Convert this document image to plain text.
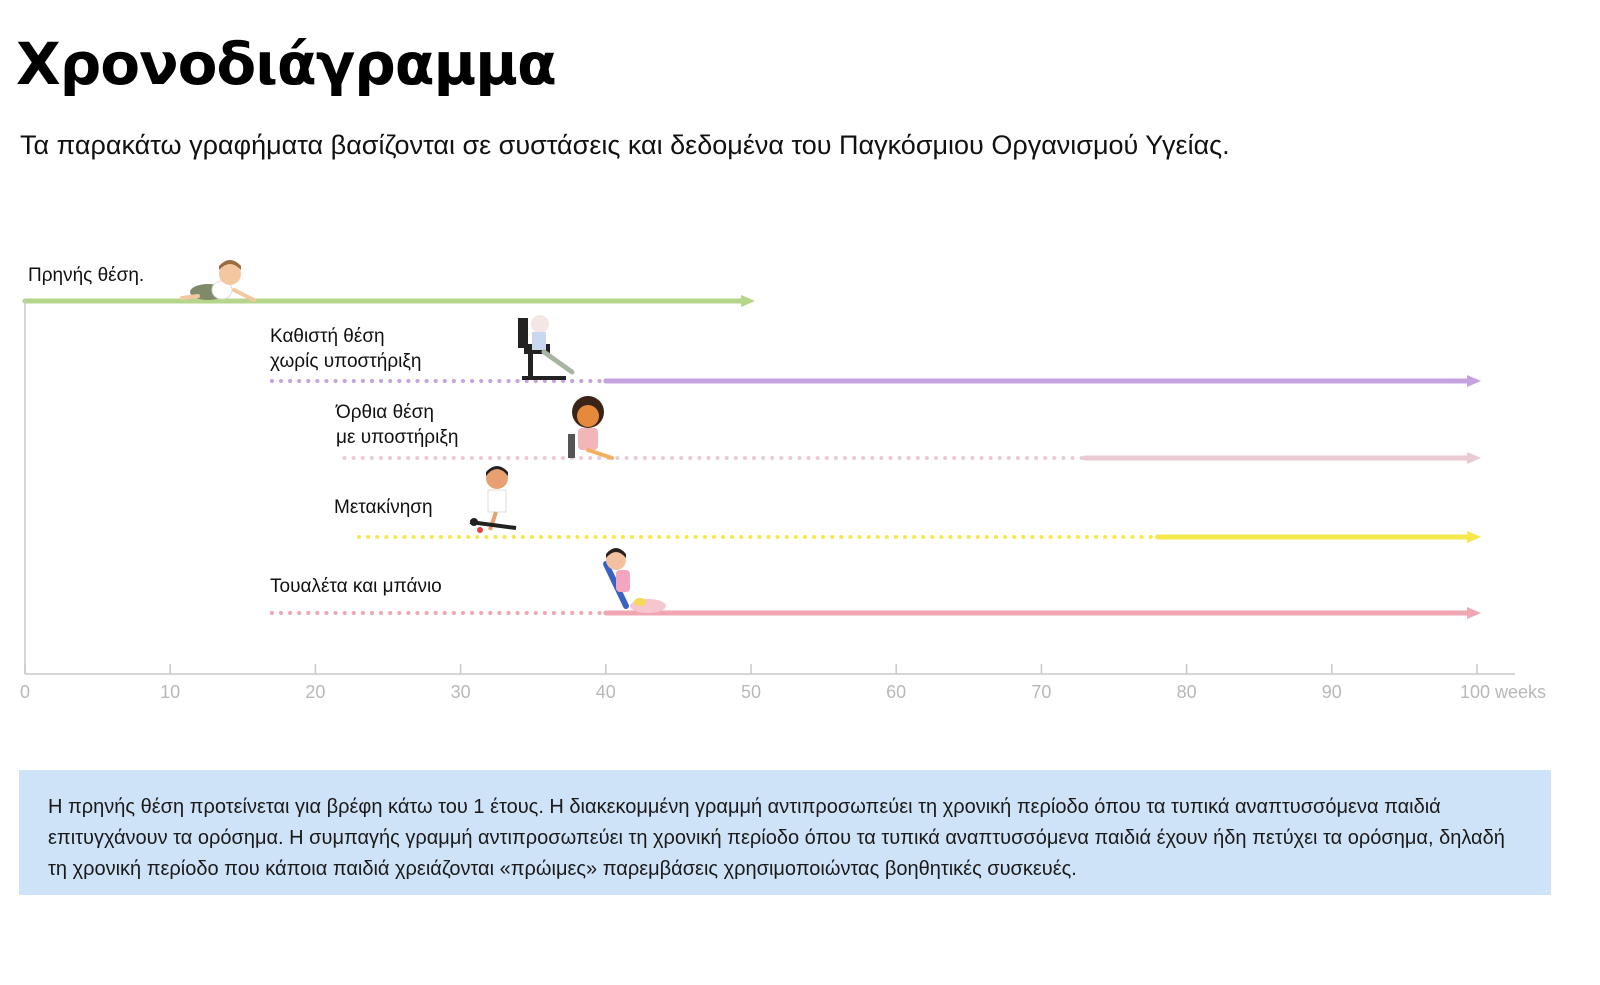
Χρονοδιάγραμμα

Τα παρακάτω γραφήματα βασίζονται σε συστάσεις και δεδομένα του Παγκόσμιου Οργανισμού Υγείας.

Πρηνής θέση.
Καθιστή θέση
χωρίς υποστήριξη
Όρθια θέση
με υποστήριξη
Μετακίνηση
Τουαλέτα και μπάνιο
0	10	20	30	40	50	60	70	80	90	100 weeks

Η πρηνής θέση προτείνεται για βρέφη κάτω του 1 έτους. Η διακεκομμένη γραμμή αντιπροσωπεύει τη χρονική περίοδο όπου τα τυπικά αναπτυσσόμενα παιδιά επιτυγχάνουν τα ορόσημα. Η συμπαγής γραμμή αντιπροσωπεύει τη χρονική περίοδο όπου τα τυπικά αναπτυσσόμενα παιδιά έχουν ήδη πετύχει τα ορόσημα, δηλαδή τη χρονική περίοδο που κάποια παιδιά χρειάζονται «πρώιμες» παρεμβάσεις χρησιμοποιώντας βοηθητικές συσκευές.
